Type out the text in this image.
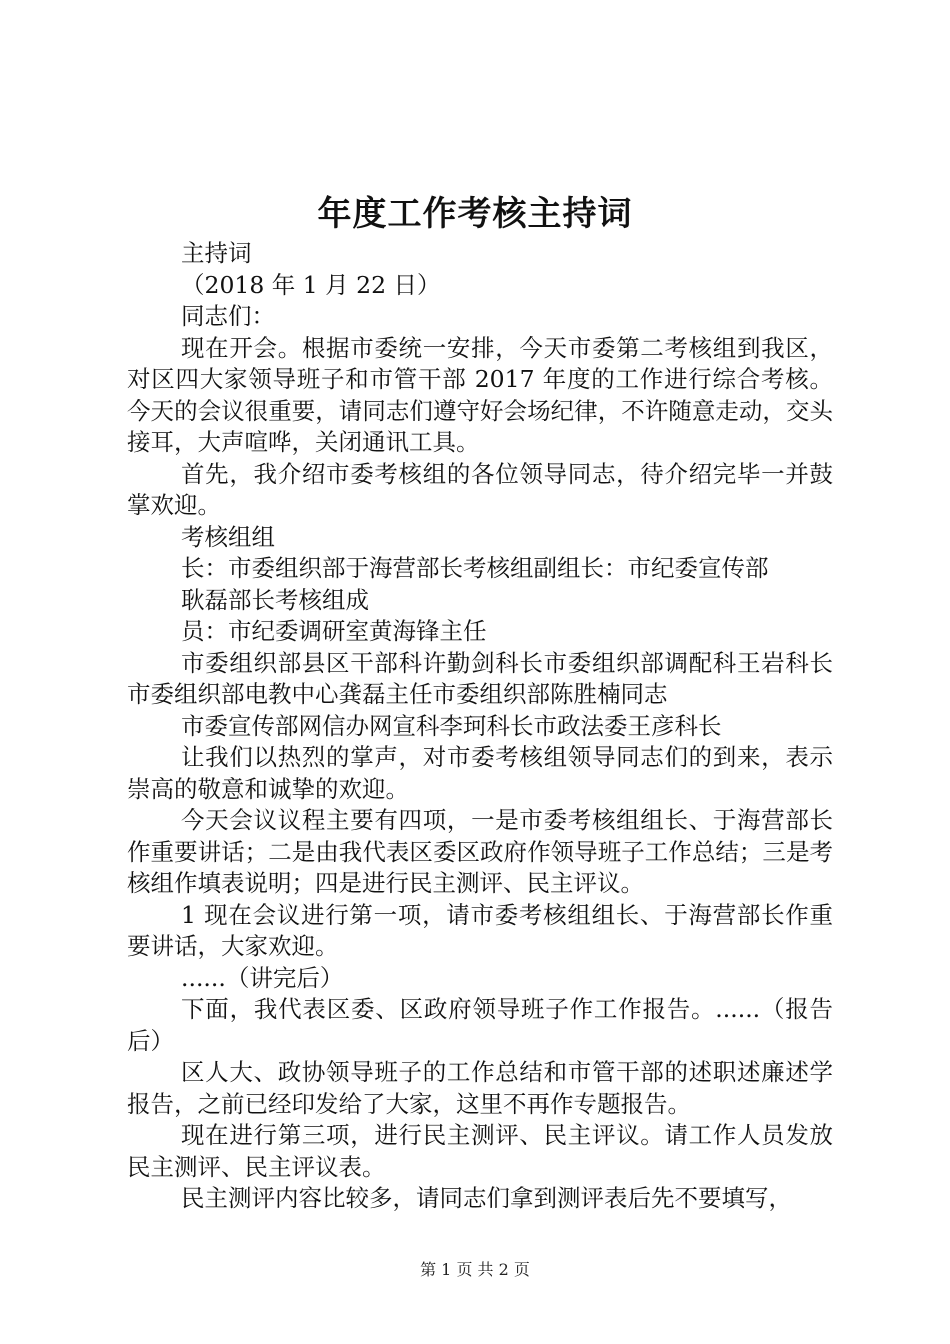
年度工作考核主持词

主持词

（2018 年 1 月 22 日）

同志们：

现在开会。根据市委统一安排，今天市委第二考核组到我区，对区四大家领导班子和市管干部 2017 年度的工作进行综合考核。今天的会议很重要，请同志们遵守好会场纪律，不许随意走动，交头接耳，大声喧哗，关闭通讯工具。

首先，我介绍市委考核组的各位领导同志，待介绍完毕一并鼓掌欢迎。

考核组组

长：市委组织部于海营部长考核组副组长：市纪委宣传部

耿磊部长考核组成

员：市纪委调研室黄海锋主任

市委组织部县区干部科许勤剑科长市委组织部调配科王岩科长市委组织部电教中心龚磊主任市委组织部陈胜楠同志

市委宣传部网信办网宣科李珂科长市政法委王彦科长

让我们以热烈的掌声，对市委考核组领导同志们的到来，表示崇高的敬意和诚挚的欢迎。

今天会议议程主要有四项，一是市委考核组组长、于海营部长作重要讲话；二是由我代表区委区政府作领导班子工作总结；三是考核组作填表说明；四是进行民主测评、民主评议。

1 现在会议进行第一项，请市委考核组组长、于海营部长作重要讲话，大家欢迎。

......（讲完后）

下面，我代表区委、区政府领导班子作工作报告。......（报告后）

区人大、政协领导班子的工作总结和市管干部的述职述廉述学报告，之前已经印发给了大家，这里不再作专题报告。

现在进行第三项，进行民主测评、民主评议。请工作人员发放民主测评、民主评议表。

民主测评内容比较多，请同志们拿到测评表后先不要填写，

第 1 页 共 2 页
